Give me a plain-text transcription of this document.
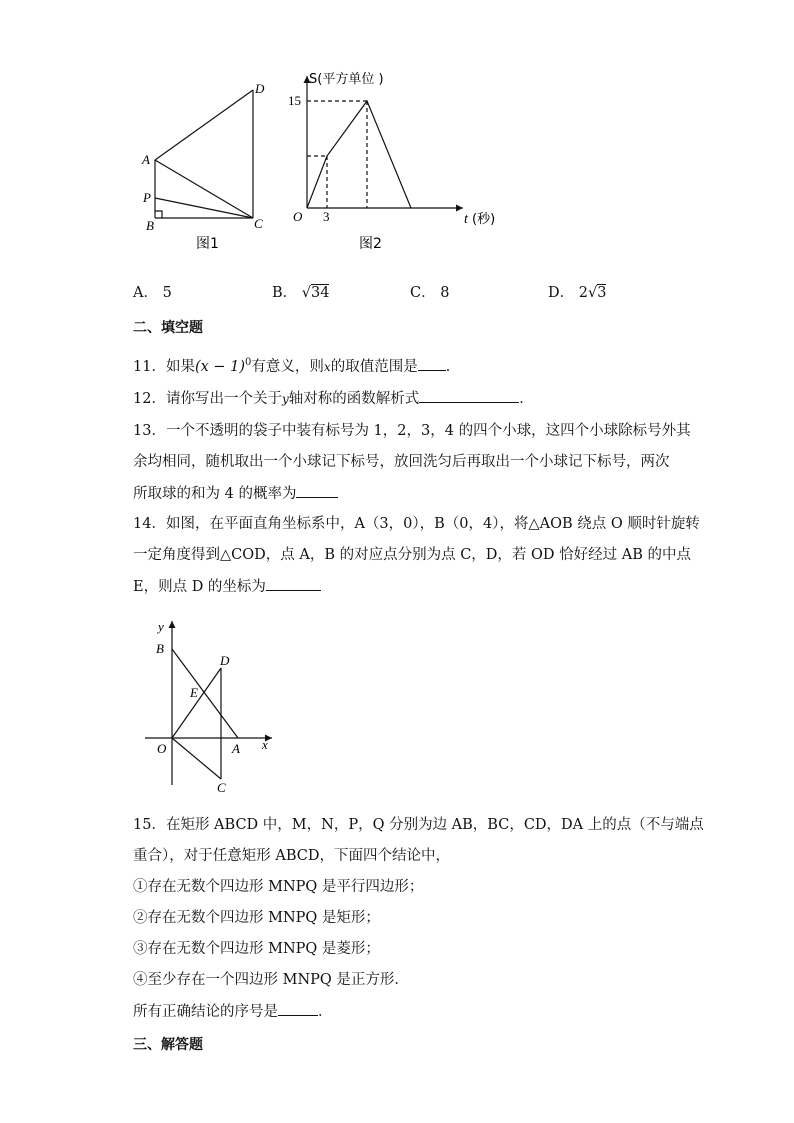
D
A
P
B	C
图1
S(平方单位 )
15
3
O	t (秒)
图2
A． 5	B． √34	C． 8	D． 2√3
二、填空题
11．如果$(x - 1)^0$有意义，则x的取值范围是 ．
12．请你写出一个关于y轴对称的函数解析式	．
13．一个不透明的袋子中装有标号为 1，2，3，4 的四个小球，这四个小球除标号外其
余均相同，随机取出一个小球记下标号，放回洗匀后再取出一个小球记下标号，两次
所取球的和为 4 的概率为
14．如图，在平面直角坐标系中，A（3，0），B（0，4），将△AOB 绕点 O 顺时针旋转
一定角度得到△COD，点 A，B 的对应点分别为点 C，D，若 OD 恰好经过 AB 的中点
E，则点 D 的坐标为
y
B
D
E
O	A x
C
15．在矩形 ABCD 中，M，N，P，Q 分别为边 AB，BC，CD，DA 上的点（不与端点
重合），对于任意矩形 ABCD，下面四个结论中，
①存在无数个四边形 MNPQ 是平行四边形；
②存在无数个四边形 MNPQ 是矩形；
③存在无数个四边形 MNPQ 是菱形；
④至少存在一个四边形 MNPQ 是正方形．
所有正确结论的序号是	．
三、解答题
